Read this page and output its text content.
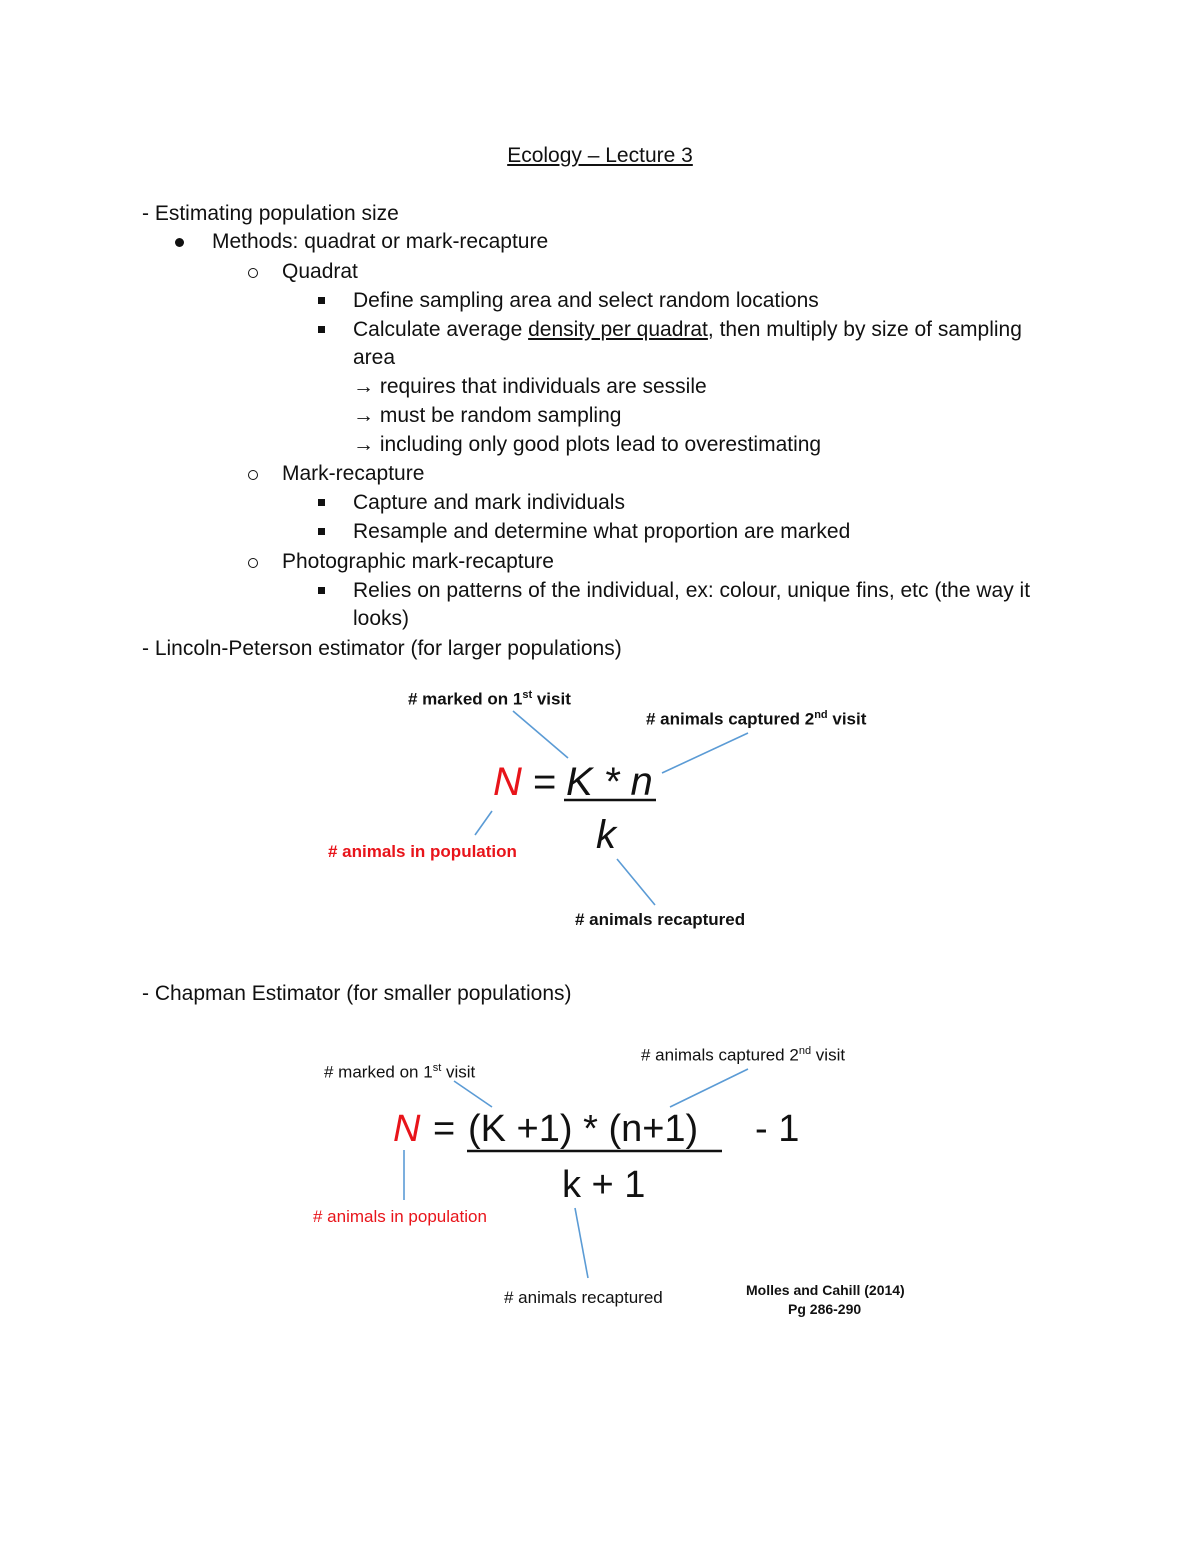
Ecology – Lecture 3
- Estimating population size
Methods: quadrat or mark-recapture
Quadrat
Define sampling area and select random locations
Calculate average density per quadrat, then multiply by size of sampling
area
→ requires that individuals are sessile
→ must be random sampling
→ including only good plots lead to overestimating
Mark-recapture
Capture and mark individuals
Resample and determine what proportion are marked
Photographic mark-recapture
Relies on patterns of the individual, ex: colour, unique fins, etc (the way it
looks)
- Lincoln-Peterson estimator (for larger populations)
# marked on 1st visit
# animals captured 2nd visit
N = K * n
k
# animals in population
# animals recaptured
- Chapman Estimator (for smaller populations)
# marked on 1st visit
# animals captured 2nd visit
N = (K +1) * (n+1) - 1
k + 1
# animals in population
# animals recaptured	Molles and Cahill (2014)
Pg 286-290
